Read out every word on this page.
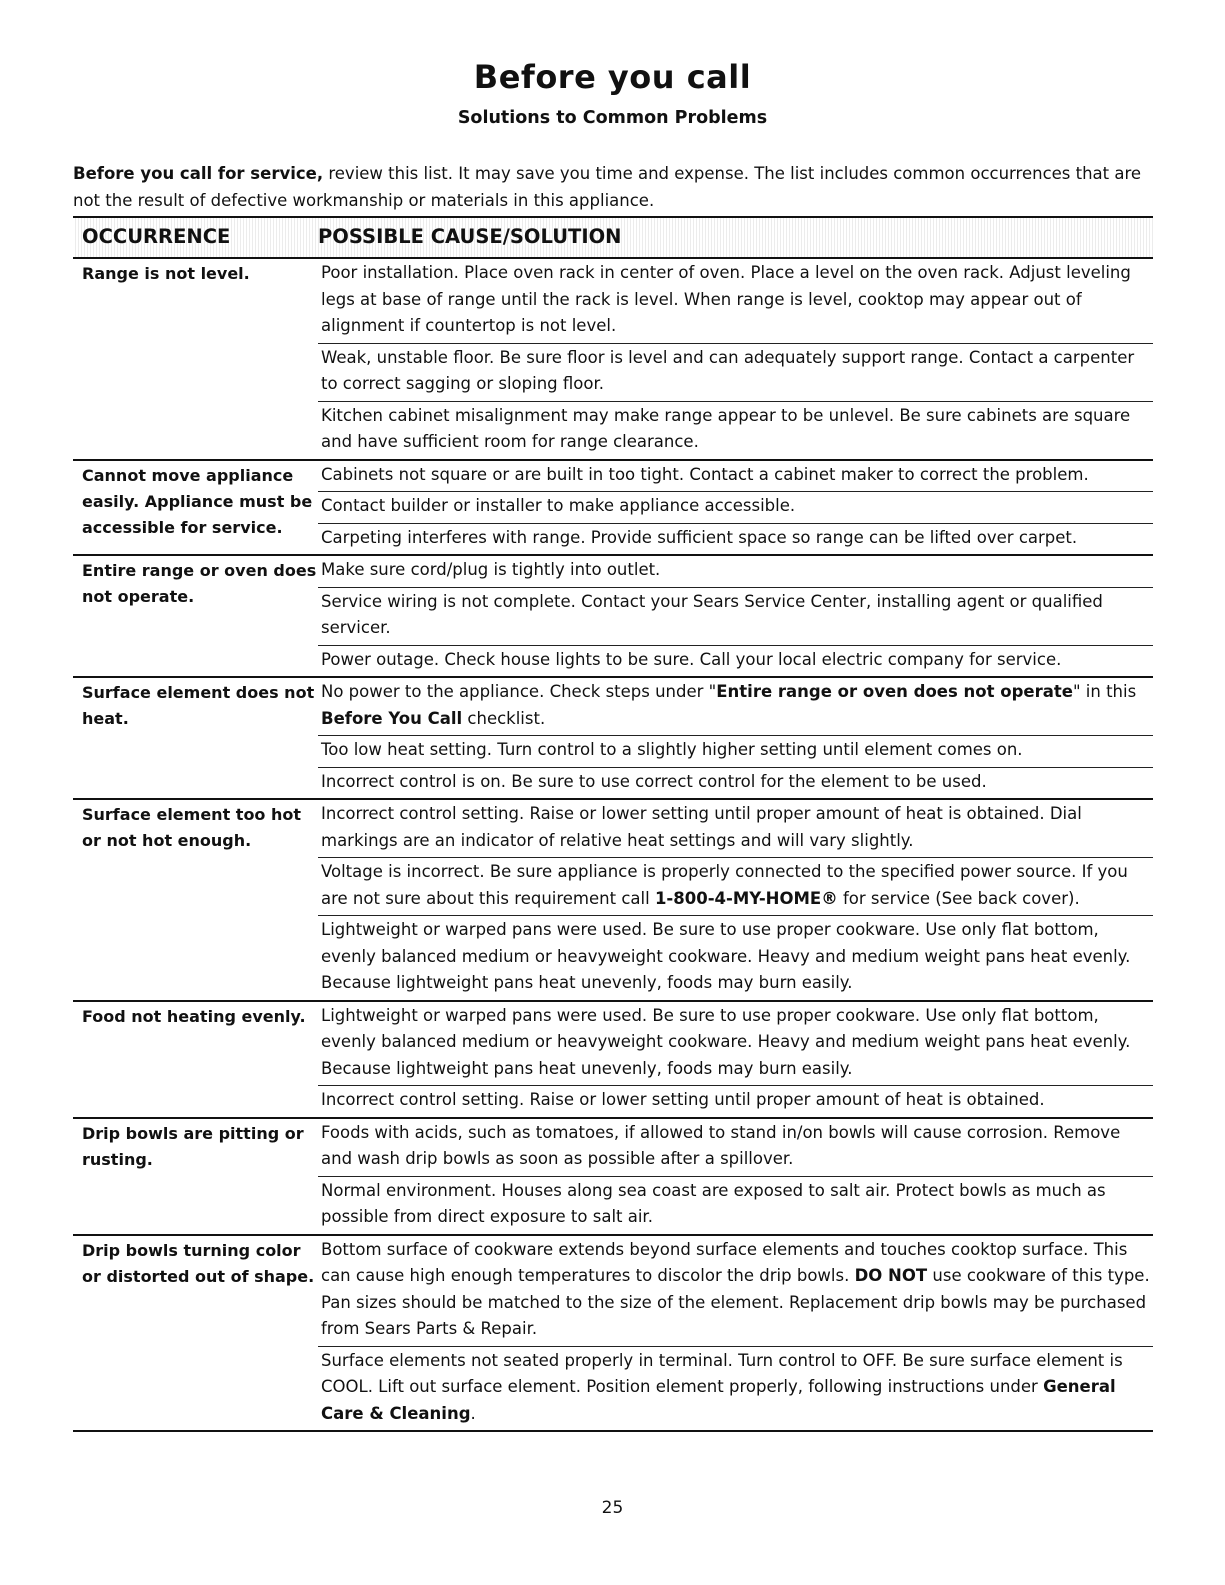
Before you call
Solutions to Common Problems
Before you call for service, review this list. It may save you time and expense. The list includes common occurrences that are not the result of defective workmanship or materials in this appliance.
OCCURRENCE	POSSIBLE CAUSE/SOLUTION
Range is not level.	Poor installation. Place oven rack in center of oven. Place a level on the oven rack. Adjust leveling legs at base of range until the rack is level. When range is level, cooktop may appear out of alignment if countertop is not level.
Weak, unstable floor. Be sure floor is level and can adequately support range. Contact a carpenter to correct sagging or sloping floor.
Kitchen cabinet misalignment may make range appear to be unlevel. Be sure cabinets are square and have sufficient room for range clearance.
Cannot move appliance easily. Appliance must be accessible for service.
Cabinets not square or are built in too tight. Contact a cabinet maker to correct the problem.
Contact builder or installer to make appliance accessible.
Carpeting interferes with range. Provide sufficient space so range can be lifted over carpet.
Entire range or oven does not operate.
Make sure cord/plug is tightly into outlet.
Service wiring is not complete. Contact your Sears Service Center, installing agent or qualified servicer.
Power outage. Check house lights to be sure. Call your local electric company for service.
Surface element does not heat.
No power to the appliance. Check steps under "Entire range or oven does not operate" in this Before You Call checklist.
Too low heat setting. Turn control to a slightly higher setting until element comes on.
Incorrect control is on. Be sure to use correct control for the element to be used.
Surface element too hot or not hot enough.
Incorrect control setting. Raise or lower setting until proper amount of heat is obtained. Dial markings are an indicator of relative heat settings and will vary slightly.
Voltage is incorrect. Be sure appliance is properly connected to the specified power source. If you are not sure about this requirement call 1-800-4-MY-HOME® for service (See back cover).
Lightweight or warped pans were used. Be sure to use proper cookware. Use only flat bottom, evenly balanced medium or heavyweight cookware. Heavy and medium weight pans heat evenly. Because lightweight pans heat unevenly, foods may burn easily.
Food not heating evenly. Lightweight or warped pans were used. Be sure to use proper cookware. Use only flat bottom, evenly balanced medium or heavyweight cookware. Heavy and medium weight pans heat evenly. Because lightweight pans heat unevenly, foods may burn easily.
Incorrect control setting. Raise or lower setting until proper amount of heat is obtained.
Drip bowls are pitting or rusting.
Foods with acids, such as tomatoes, if allowed to stand in/on bowls will cause corrosion. Remove and wash drip bowls as soon as possible after a spillover.
Normal environment. Houses along sea coast are exposed to salt air. Protect bowls as much as possible from direct exposure to salt air.
Drip bowls turning color or distorted out of shape.
Bottom surface of cookware extends beyond surface elements and touches cooktop surface. This can cause high enough temperatures to discolor the drip bowls. DO NOT use cookware of this type. Pan sizes should be matched to the size of the element. Replacement drip bowls may be purchased from Sears Parts & Repair.
Surface elements not seated properly in terminal. Turn control to OFF. Be sure surface element is COOL. Lift out surface element. Position element properly, following instructions under General Care & Cleaning.
25
